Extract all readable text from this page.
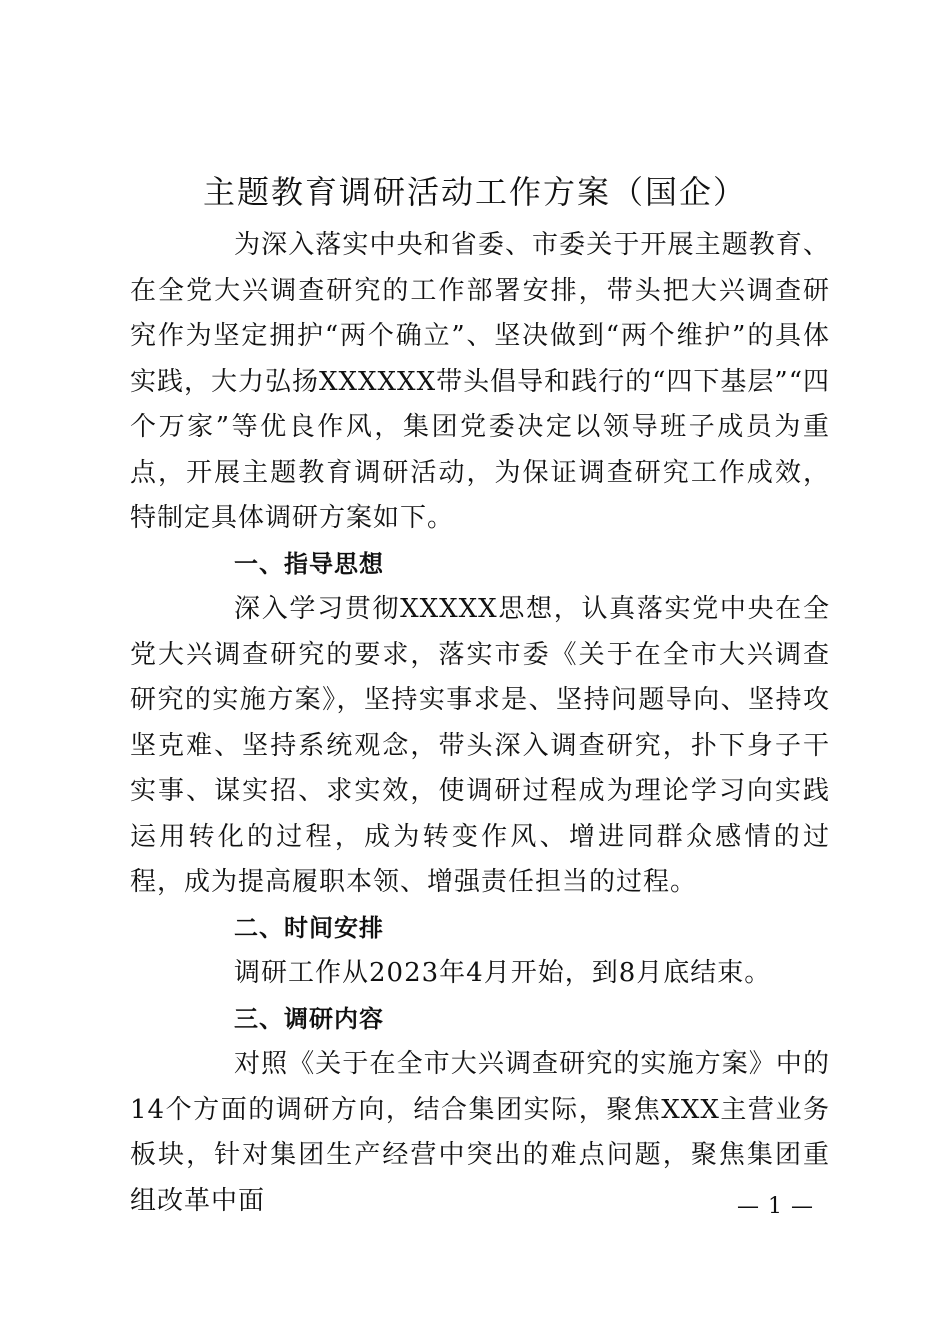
主题教育调研活动工作方案（国企）

为深入落实中央和省委、市委关于开展主题教育、在全党大兴调查研究的工作部署安排，带头把大兴调查研究作为坚定拥护“两个确立”、坚决做到“两个维护”的具体实践，大力弘扬XXXXXX带头倡导和践行的“四下基层”“四个万家”等优良作风，集团党委决定以领导班子成员为重点，开展主题教育调研活动，为保证调查研究工作成效，特制定具体调研方案如下。

一、指导思想

深入学习贯彻XXXXX思想，认真落实党中央在全党大兴调查研究的要求，落实市委《关于在全市大兴调查研究的实施方案》，坚持实事求是、坚持问题导向、坚持攻坚克难、坚持系统观念，带头深入调查研究，扑下身子干实事、谋实招、求实效，使调研过程成为理论学习向实践运用转化的过程，成为转变作风、增进同群众感情的过程，成为提高履职本领、增强责任担当的过程。

二、时间安排

调研工作从2023年4月开始，到8月底结束。

三、调研内容

对照《关于在全市大兴调查研究的实施方案》中的14个方面的调研方向，结合集团实际，聚焦XXX主营业务板块，针对集团生产经营中突出的难点问题，聚焦集团重组改革中面	— 1 —
